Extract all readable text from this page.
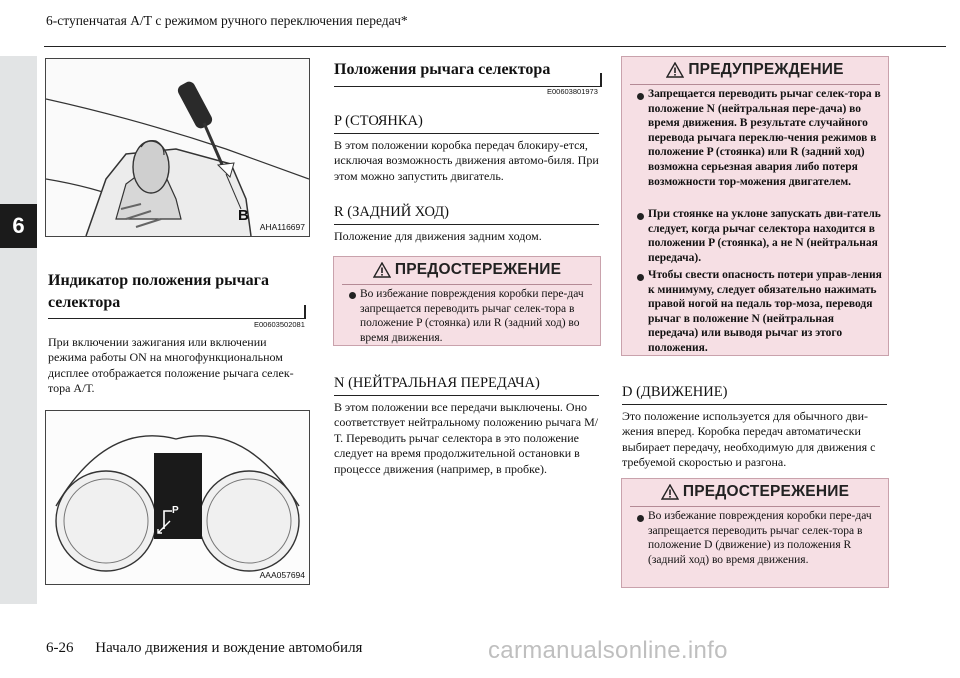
6-ступенчатая А/Т с режимом ручного переключения передач*
6	B
AHA116697
Индикатор положения рычага селектора
E00603502081
При включении зажигания или включении режима работы ON на многофункциональном дисплее отображается положение рычага селек-тора А/Т.
P
AAA057694
Положения рычага селектора
E00603801973
P (СТОЯНКА)
В этом положении коробка передач блокиру-ется, исключая возможность движения автомо-биля. При этом можно запустить двигатель.
R (ЗАДНИЙ ХОД)
Положение для движения задним ходом.
ПРЕДОСТЕРЕЖЕНИЕ
Во избежание повреждения коробки пере-дач запрещается переводить рычаг селек-тора в положение P (стоянка) или R (задний ход) во время движения.
N (НЕЙТРАЛЬНАЯ ПЕРЕДАЧА)
В этом положении все передачи выключены. Оно соответствует нейтральному положению рычага М/Т. Переводить рычаг селектора в это положение следует на время продолжительной остановки в процессе движения (например, в пробке).
ПРЕДУПРЕЖДЕНИЕ
Запрещается переводить рычаг селек-тора в положение N (нейтральная пере-дача) во время движения. В результате случайного перевода рычага переклю-чения режимов в положение P (стоянка) или R (задний ход) возможна серьезная авария либо потеря возможности тор-можения двигателем.
При стоянке на уклоне запускать дви-гатель следует, когда рычаг селектора находится в положении P (стоянка), а не N (нейтральная передача).
Чтобы свести опасность потери управ-ления к минимуму, следует обязательно нажимать правой ногой на педаль тор-моза, переводя рычаг в положение N (нейтральная передача) или выводя рычаг из этого положения.
D (ДВИЖЕНИЕ)
Это положение используется для обычного дви-жения вперед. Коробка передач автоматически выбирает передачу, необходимую для движения с требуемой скоростью и разгона.
ПРЕДОСТЕРЕЖЕНИЕ
Во избежание повреждения коробки пере-дач запрещается переводить рычаг селек-тора в положение D (движение) из положения R (задний ход) во время движения.
6-26 Начало движения и вождение автомобиля	carmanualsonline.info
